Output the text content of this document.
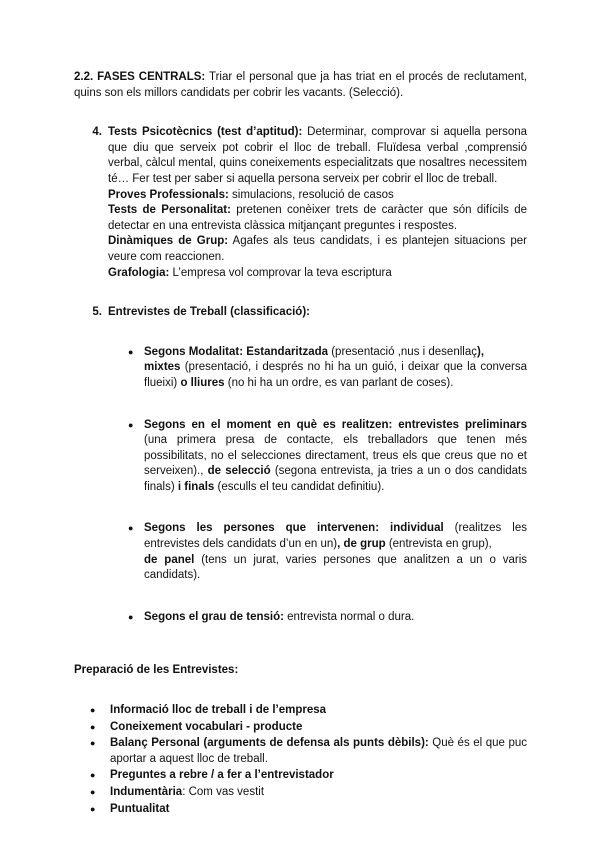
2.2. FASES CENTRALS: Triar el personal que ja has triat en el procés de reclutament, quins son els millors candidats per cobrir les vacants. (Selecció).

4. Tests Psicotècnics (test d’aptitud): Determinar, comprovar si aquella persona que diu que serveix pot cobrir el lloc de treball. Fluïdesa verbal ,comprensió verbal, càlcul mental, quins coneixements especialitzats que nosaltres necessitem té… Fer test per saber si aquella persona serveix per cobrir el lloc de treball.

Proves Professionals: simulacions, resolució de casos

Tests de Personalitat: pretenen conèixer trets de caràcter que són difícils de detectar en una entrevista clàssica mitjançant preguntes i respostes.

Dinàmiques de Grup: Agafes als teus candidats, i es plantejen situacions per veure com reaccionen.

Grafologia: L’empresa vol comprovar la teva escriptura

5. Entrevistes de Treball (classificació):

● Segons Modalitat: Estandaritzada (presentació ,nus i desenllaç),
mixtes (presentació, i després no hi ha un guió, i deixar que la conversa flueixi) o lliures (no hi ha un ordre, es van parlant de coses).
● Segons en el moment en què es realitzen: entrevistes preliminars (una primera presa de contacte, els treballadors que tenen més possibilitats, no el selecciones directament, treus els que creus que no et serveixen)., de selecció (segona entrevista, ja tries a un o dos candidats finals) i finals (esculls el teu candidat definitiu).
● Segons les persones que intervenen: individual (realitzes les entrevistes dels candidats d’un en un), de grup (entrevista en grup),
de panel (tens un jurat, varies persones que analitzen a un o varis candidats).
● Segons el grau de tensió: entrevista normal o dura.

Preparació de les Entrevistes:

●	Informació lloc de treball i de l’empresa
●	Coneixement vocabulari - producte
●	Balanç Personal (arguments de defensa als punts dèbils): Què és el que puc aportar a aquest lloc de treball.
●	Preguntes a rebre / a fer a l’entrevistador
●	Indumentària: Com vas vestit
●	Puntualitat
